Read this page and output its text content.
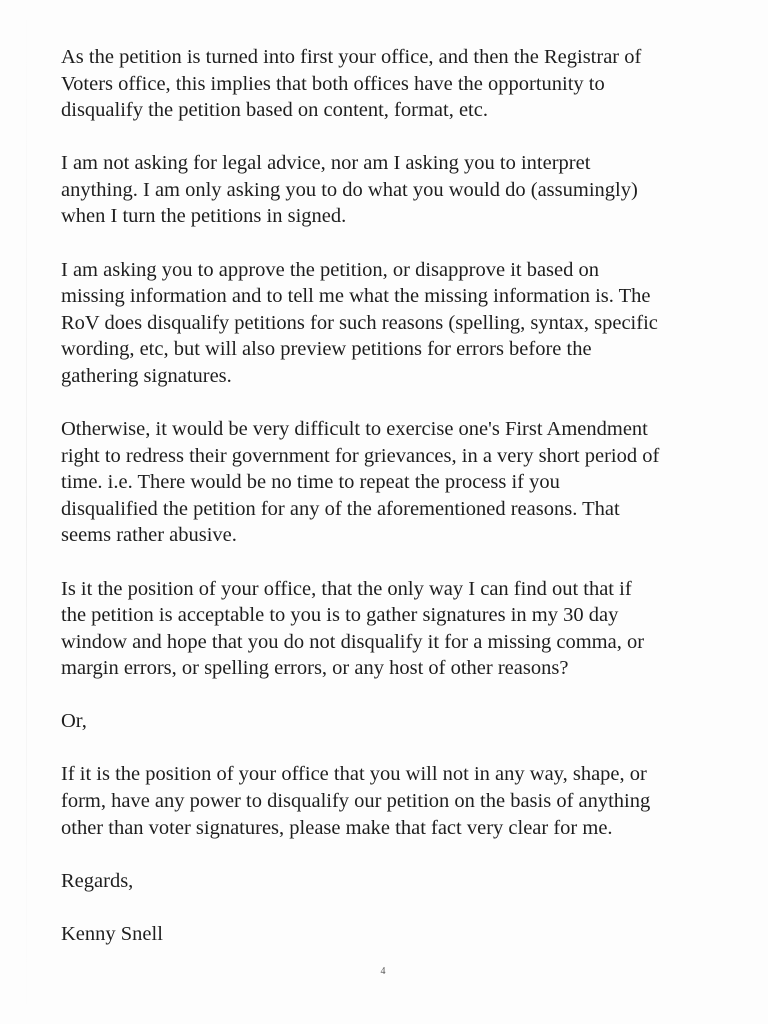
As the petition is turned into first your office, and then the Registrar of
Voters office, this implies that both offices have the opportunity to
disqualify the petition based on content, format, etc.

I am not asking for legal advice, nor am I asking you to interpret
anything. I am only asking you to do what you would do (assumingly)
when I turn the petitions in signed.

I am asking you to approve the petition, or disapprove it based on
missing information and to tell me what the missing information is. The
RoV does disqualify petitions for such reasons (spelling, syntax, specific
wording, etc, but will also preview petitions for errors before the
gathering signatures.

Otherwise, it would be very difficult to exercise one's First Amendment
right to redress their government for grievances, in a very short period of
time. i.e. There would be no time to repeat the process if you
disqualified the petition for any of the aforementioned reasons. That
seems rather abusive.

Is it the position of your office, that the only way I can find out that if
the petition is acceptable to you is to gather signatures in my 30 day
window and hope that you do not disqualify it for a missing comma, or
margin errors, or spelling errors, or any host of other reasons?

Or,

If it is the position of your office that you will not in any way, shape, or
form, have any power to disqualify our petition on the basis of anything
other than voter signatures, please make that fact very clear for me.

Regards,

Kenny Snell

4
